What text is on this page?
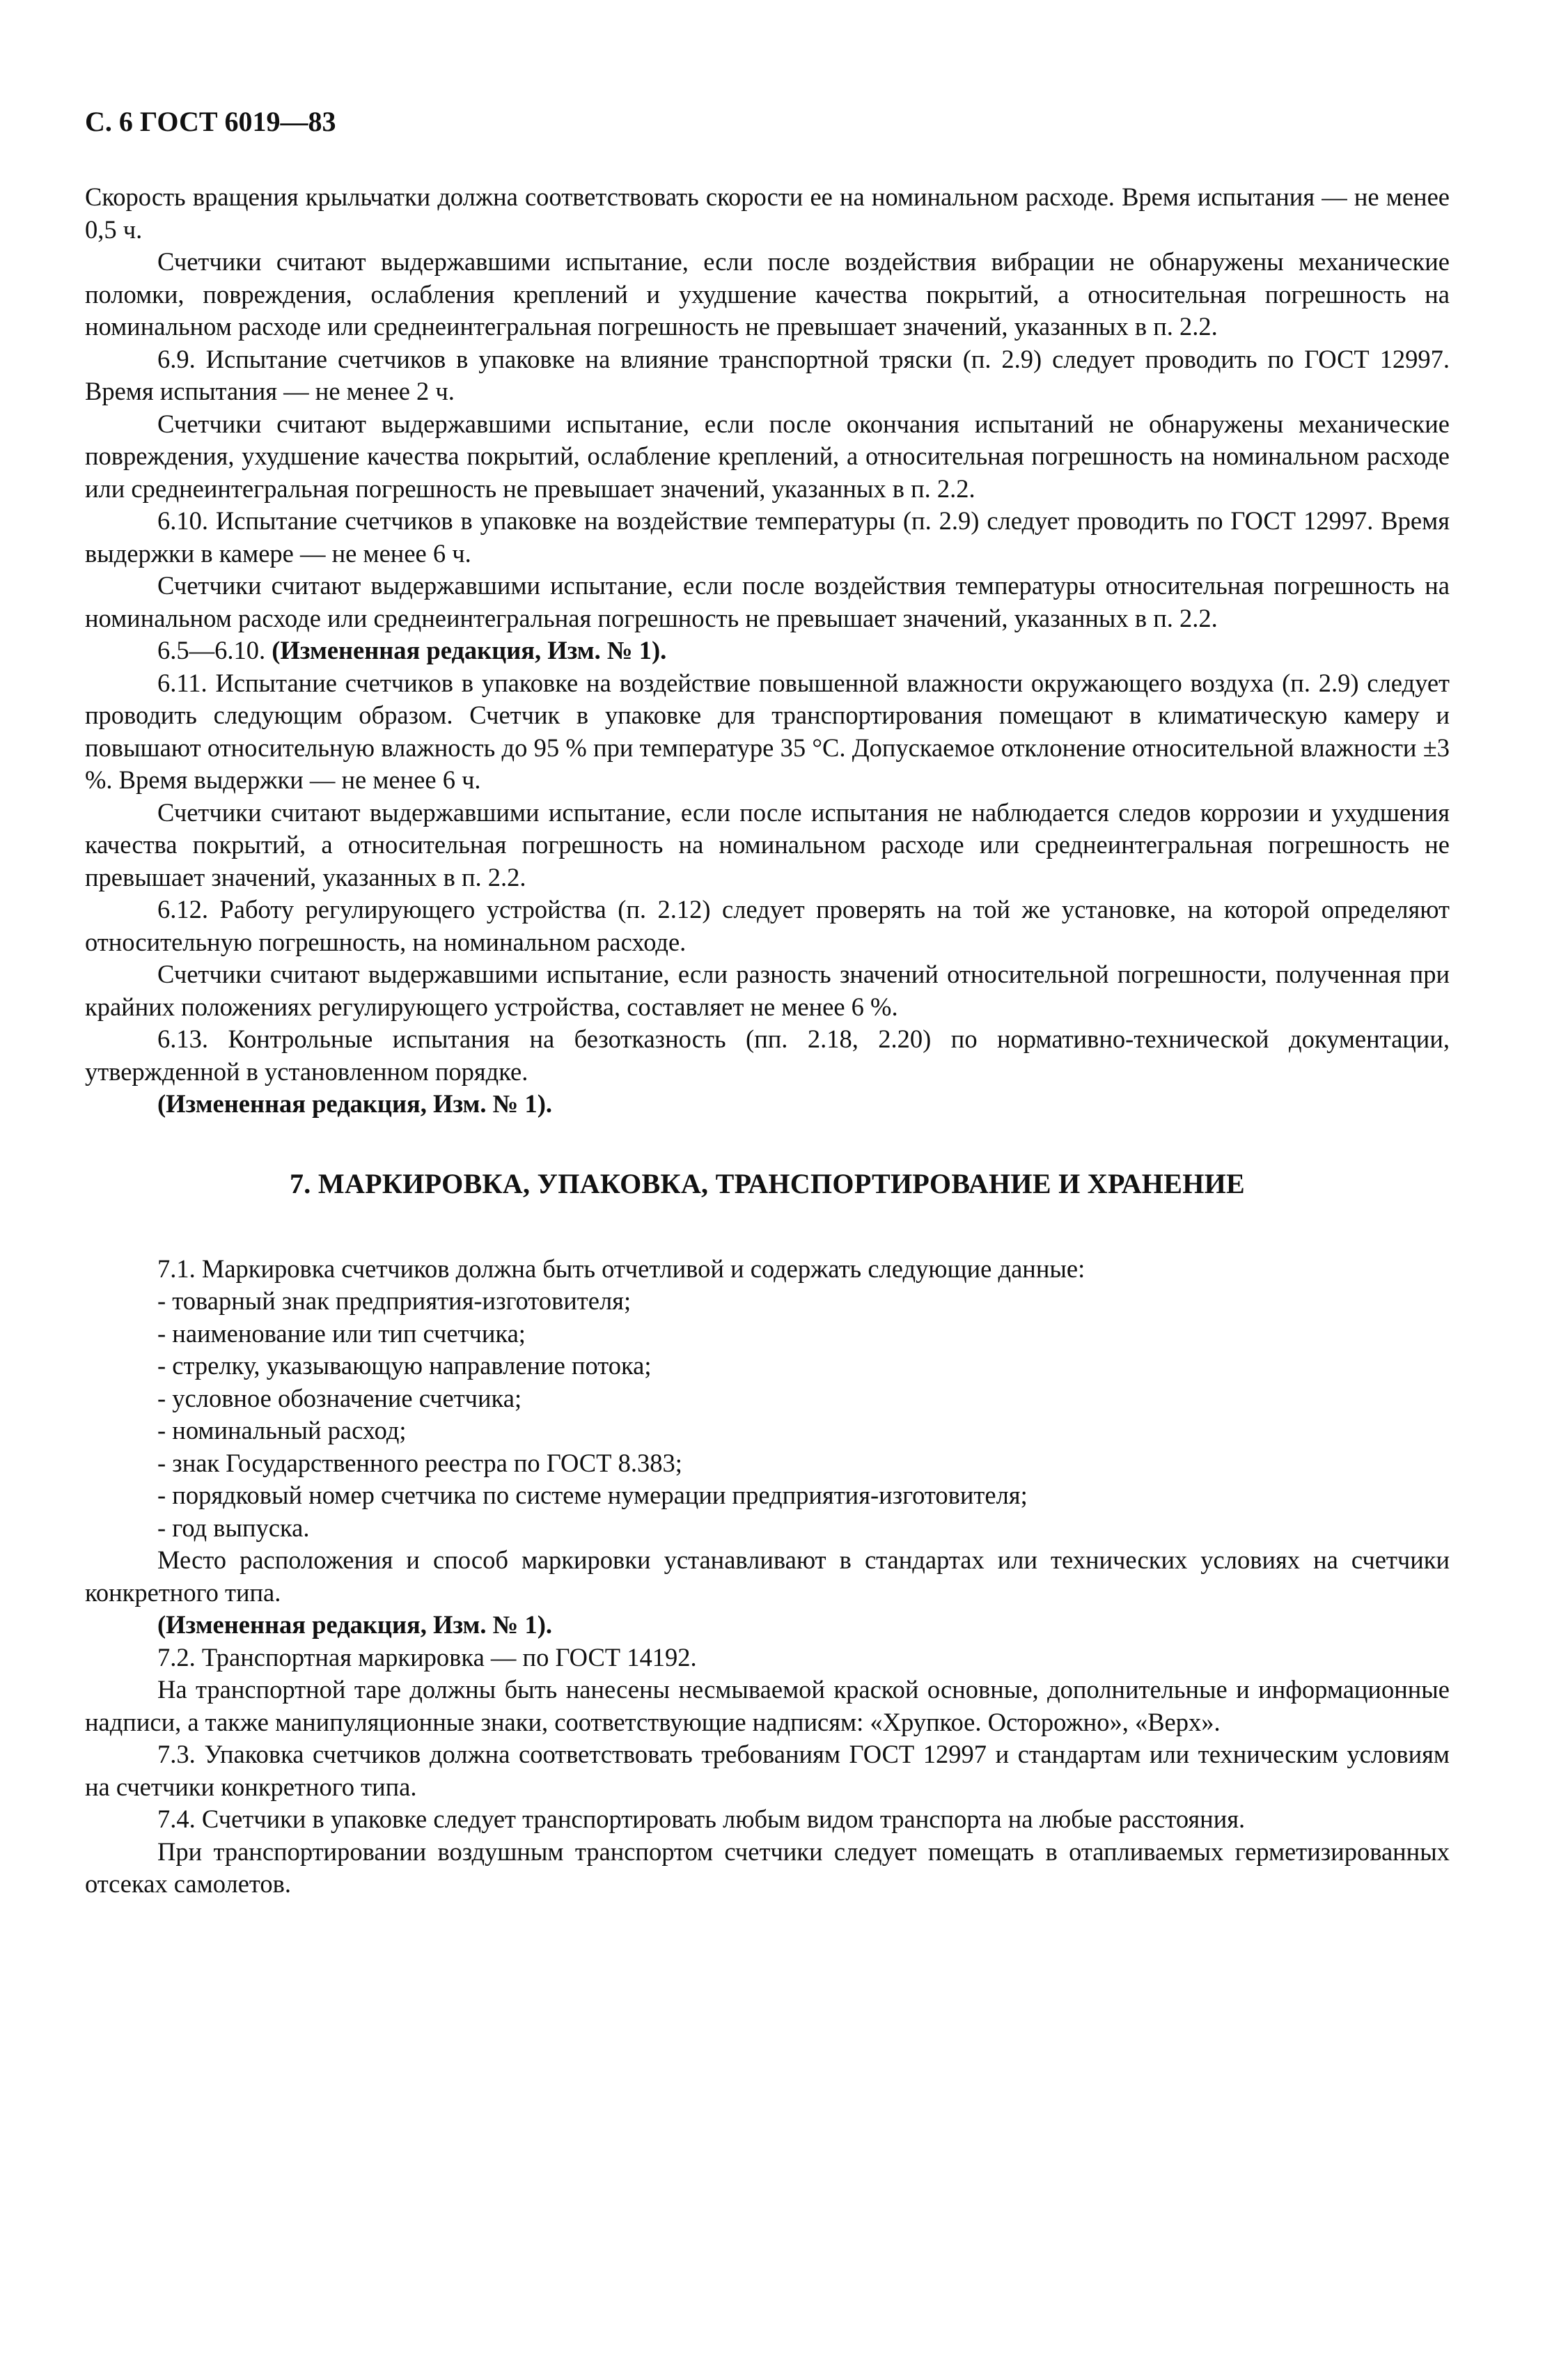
С. 6 ГОСТ 6019—83

Скорость вращения крыльчатки должна соответствовать скорости ее на номинальном расходе. Время испытания — не менее 0,5 ч.

Счетчики считают выдержавшими испытание, если после воздействия вибрации не обнаружены механические поломки, повреждения, ослабления креплений и ухудшение качества покрытий, а относительная погрешность на номинальном расходе или среднеинтегральная погрешность не превышает значений, указанных в п. 2.2.

6.9. Испытание счетчиков в упаковке на влияние транспортной тряски (п. 2.9) следует проводить по ГОСТ 12997. Время испытания — не менее 2 ч.

Счетчики считают выдержавшими испытание, если после окончания испытаний не обнаружены механические повреждения, ухудшение качества покрытий, ослабление креплений, а относительная погрешность на номинальном расходе или среднеинтегральная погрешность не превышает значений, указанных в п. 2.2.

6.10. Испытание счетчиков в упаковке на воздействие температуры (п. 2.9) следует проводить по ГОСТ 12997. Время выдержки в камере — не менее 6 ч.

Счетчики считают выдержавшими испытание, если после воздействия температуры относительная погрешность на номинальном расходе или среднеинтегральная погрешность не превышает значений, указанных в п. 2.2.

6.5—6.10. (Измененная редакция, Изм. № 1).

6.11. Испытание счетчиков в упаковке на воздействие повышенной влажности окружающего воздуха (п. 2.9) следует проводить следующим образом. Счетчик в упаковке для транспортирования помещают в климатическую камеру и повышают относительную влажность до 95 % при температуре 35 °С. Допускаемое отклонение относительной влажности ±3 %. Время выдержки — не менее 6 ч.

Счетчики считают выдержавшими испытание, если после испытания не наблюдается следов коррозии и ухудшения качества покрытий, а относительная погрешность на номинальном расходе или среднеинтегральная погрешность не превышает значений, указанных в п. 2.2.

6.12. Работу регулирующего устройства (п. 2.12) следует проверять на той же установке, на которой определяют относительную погрешность, на номинальном расходе.

Счетчики считают выдержавшими испытание, если разность значений относительной погрешности, полученная при крайних положениях регулирующего устройства, составляет не менее 6 %.

6.13. Контрольные испытания на безотказность (пп. 2.18, 2.20) по нормативно-технической документации, утвержденной в установленном порядке.

(Измененная редакция, Изм. № 1).

7. МАРКИРОВКА, УПАКОВКА, ТРАНСПОРТИРОВАНИЕ И ХРАНЕНИЕ

7.1. Маркировка счетчиков должна быть отчетливой и содержать следующие данные:

- товарный знак предприятия-изготовителя;

- наименование или тип счетчика;

- стрелку, указывающую направление потока;

- условное обозначение счетчика;

- номинальный расход;

- знак Государственного реестра по ГОСТ 8.383;

- порядковый номер счетчика по системе нумерации предприятия-изготовителя;

- год выпуска.

Место расположения и способ маркировки устанавливают в стандартах или технических условиях на счетчики конкретного типа.

(Измененная редакция, Изм. № 1).

7.2. Транспортная маркировка — по ГОСТ 14192.

На транспортной таре должны быть нанесены несмываемой краской основные, дополнительные и информационные надписи, а также манипуляционные знаки, соответствующие надписям: «Хрупкое. Осторожно», «Верх».

7.3. Упаковка счетчиков должна соответствовать требованиям ГОСТ 12997 и стандартам или техническим условиям на счетчики конкретного типа.

7.4. Счетчики в упаковке следует транспортировать любым видом транспорта на любые расстояния.

При транспортировании воздушным транспортом счетчики следует помещать в отапливаемых герметизированных отсеках самолетов.
